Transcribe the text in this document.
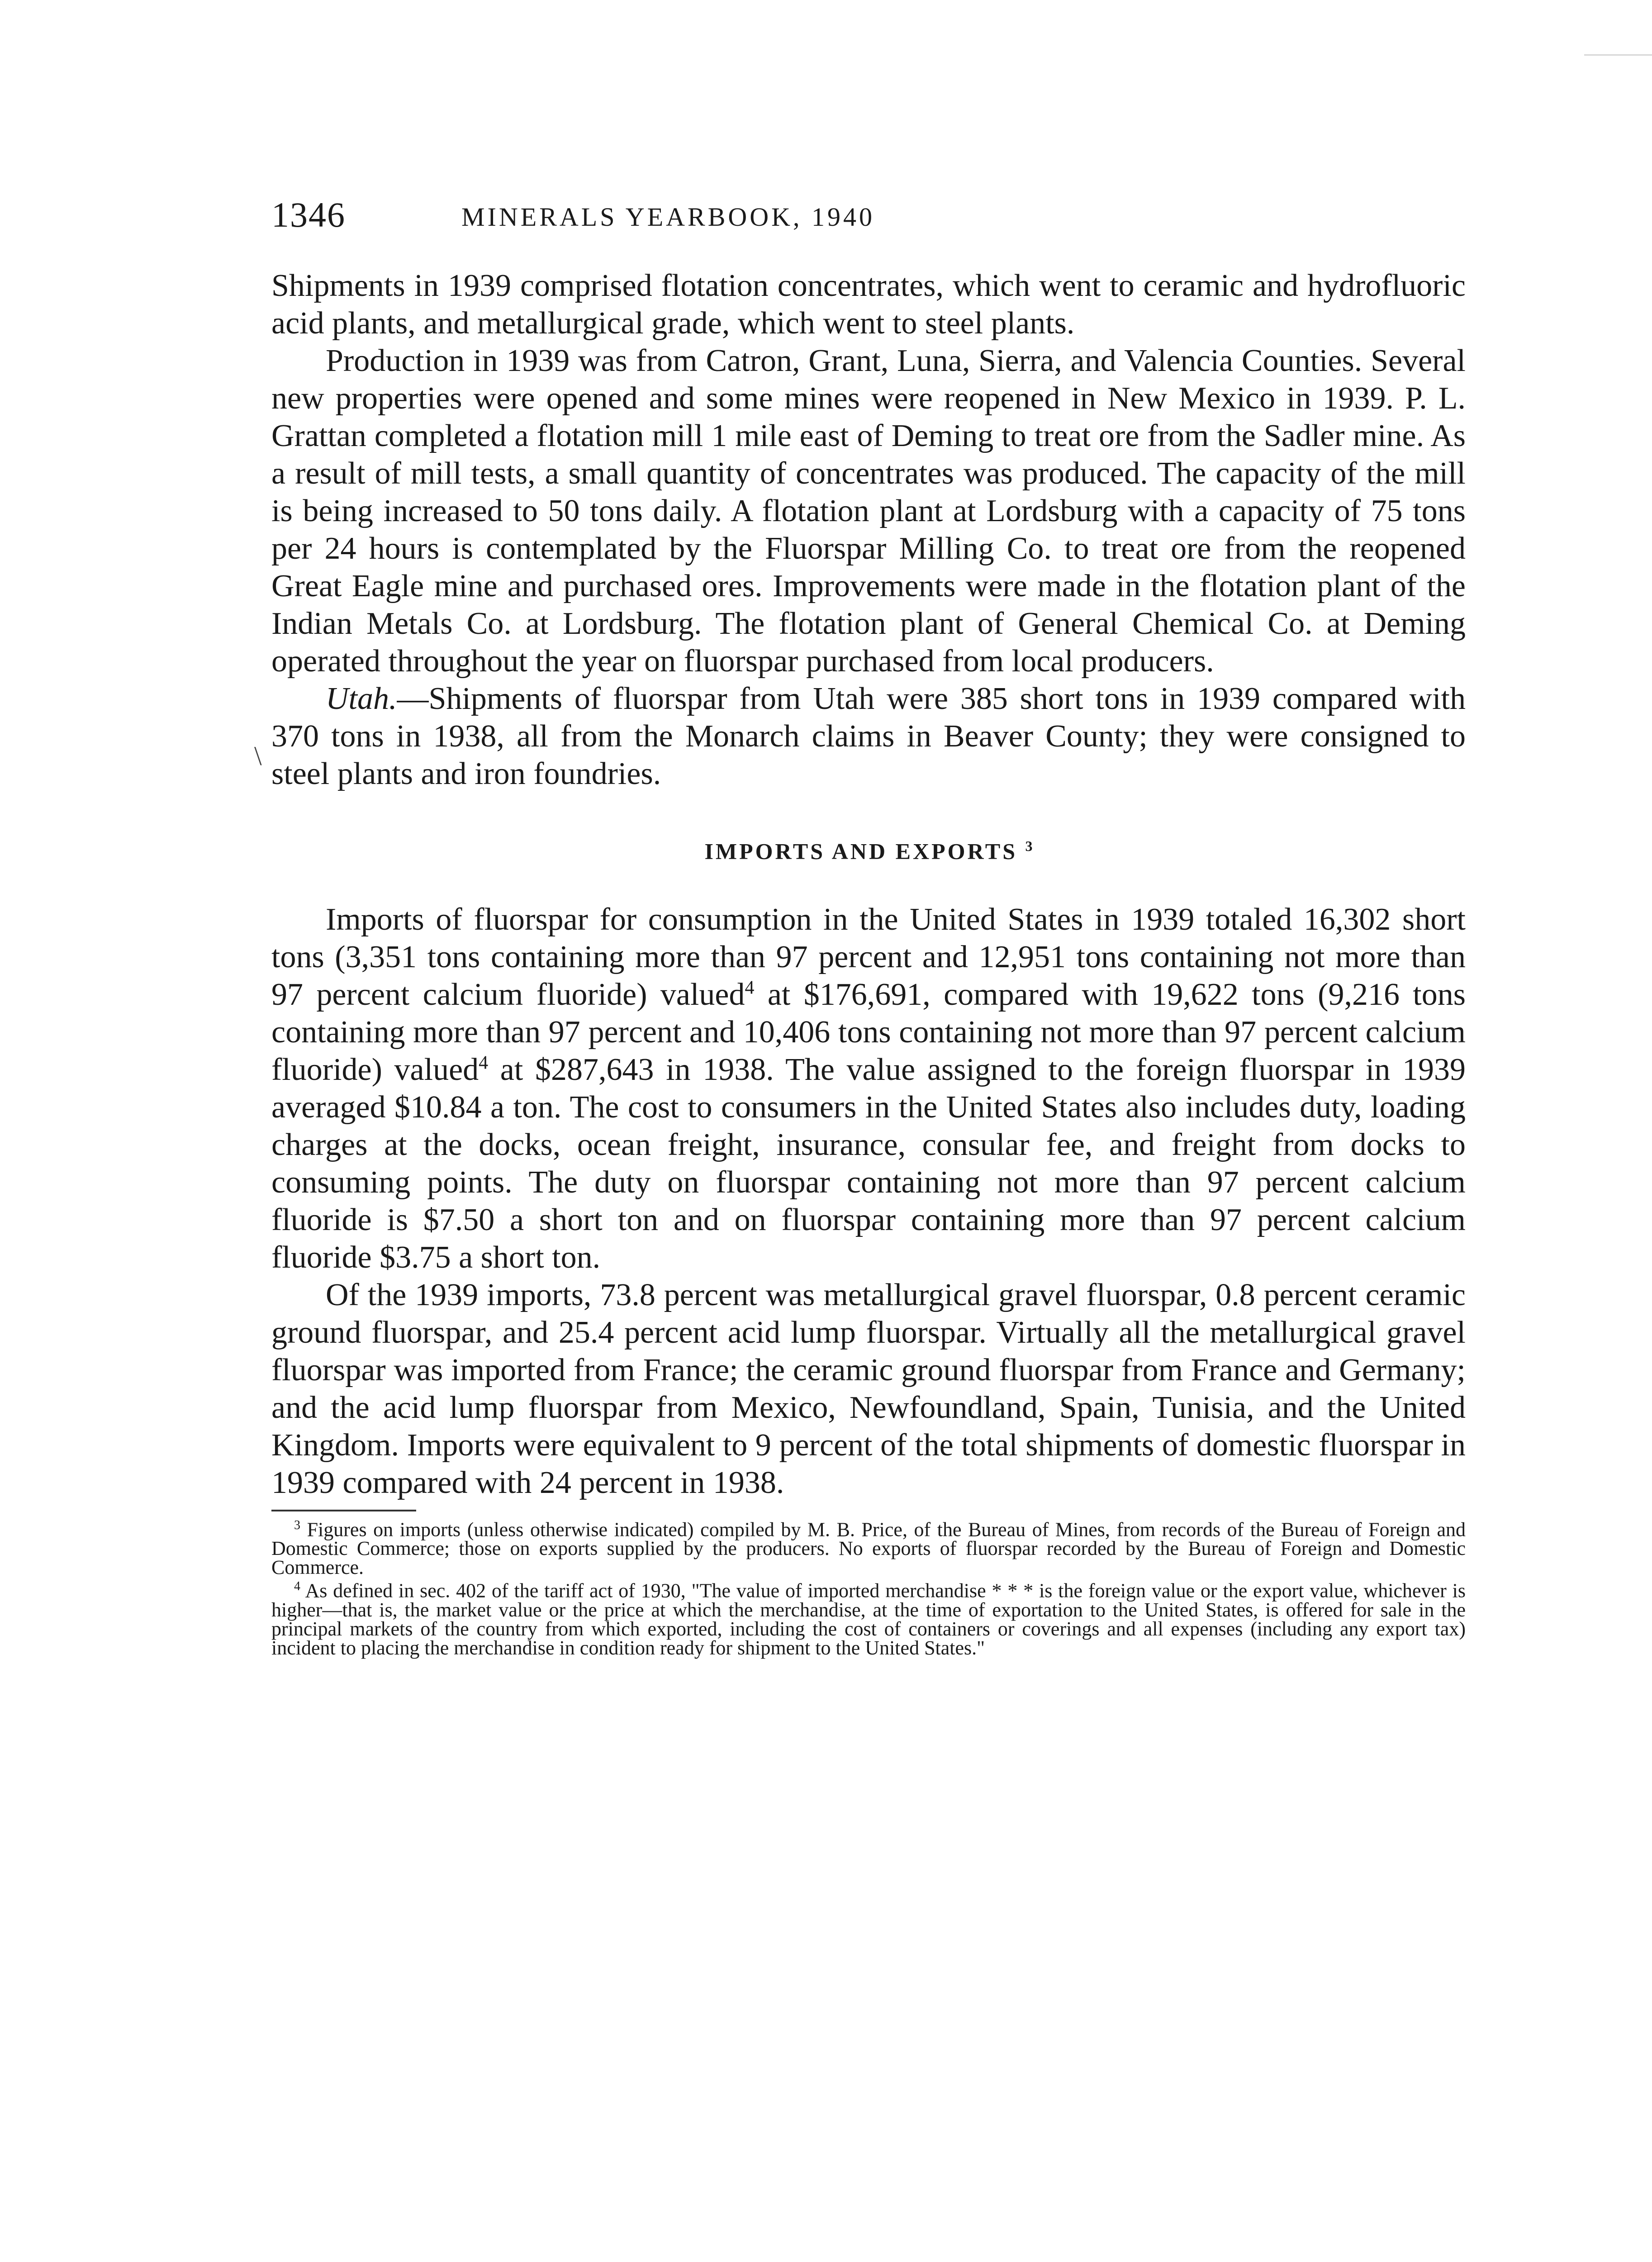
\
1346	MINERALS YEARBOOK, 1940

Shipments in 1939 comprised flotation concentrates, which went to ceramic and hydrofluoric acid plants, and metallurgical grade, which went to steel plants.

Production in 1939 was from Catron, Grant, Luna, Sierra, and Valencia Counties. Several new properties were opened and some mines were reopened in New Mexico in 1939. P. L. Grattan completed a flotation mill 1 mile east of Deming to treat ore from the Sadler mine. As a result of mill tests, a small quantity of concentrates was produced. The capacity of the mill is being increased to 50 tons daily. A flotation plant at Lordsburg with a capacity of 75 tons per 24 hours is contemplated by the Fluorspar Milling Co. to treat ore from the reopened Great Eagle mine and purchased ores. Improvements were made in the flotation plant of the Indian Metals Co. at Lordsburg. The flotation plant of General Chemical Co. at Deming operated throughout the year on fluorspar purchased from local producers.

Utah.—Shipments of fluorspar from Utah were 385 short tons in 1939 compared with 370 tons in 1938, all from the Monarch claims in Beaver County; they were consigned to steel plants and iron foundries.

IMPORTS AND EXPORTS $^3$

Imports of fluorspar for consumption in the United States in 1939 totaled 16,302 short tons (3,351 tons containing more than 97 percent and 12,951 tons containing not more than 97 percent calcium fluoride) valued$^4$ at $176,691, compared with 19,622 tons (9,216 tons containing more than 97 percent and 10,406 tons containing not more than 97 percent calcium fluoride) valued$^4$ at $287,643 in 1938. The value assigned to the foreign fluorspar in 1939 averaged $10.84 a ton. The cost to consumers in the United States also includes duty, loading charges at the docks, ocean freight, insurance, consular fee, and freight from docks to consuming points. The duty on fluorspar containing not more than 97 percent calcium fluoride is $7.50 a short ton and on fluorspar containing more than 97 percent calcium fluoride $3.75 a short ton.

Of the 1939 imports, 73.8 percent was metallurgical gravel fluorspar, 0.8 percent ceramic ground fluorspar, and 25.4 percent acid lump fluorspar. Virtually all the metallurgical gravel fluorspar was imported from France; the ceramic ground fluorspar from France and Germany; and the acid lump fluorspar from Mexico, Newfoundland, Spain, Tunisia, and the United Kingdom. Imports were equivalent to 9 percent of the total shipments of domestic fluorspar in 1939 compared with 24 percent in 1938.

$^3$ Figures on imports (unless otherwise indicated) compiled by M. B. Price, of the Bureau of Mines, from records of the Bureau of Foreign and Domestic Commerce; those on exports supplied by the producers. No exports of fluorspar recorded by the Bureau of Foreign and Domestic Commerce.

$^4$ As defined in sec. 402 of the tariff act of 1930, "The value of imported merchandise * * * is the foreign value or the export value, whichever is higher—that is, the market value or the price at which the merchandise, at the time of exportation to the United States, is offered for sale in the principal markets of the country from which exported, including the cost of containers or coverings and all expenses (including any export tax) incident to placing the merchandise in condition ready for shipment to the United States."
